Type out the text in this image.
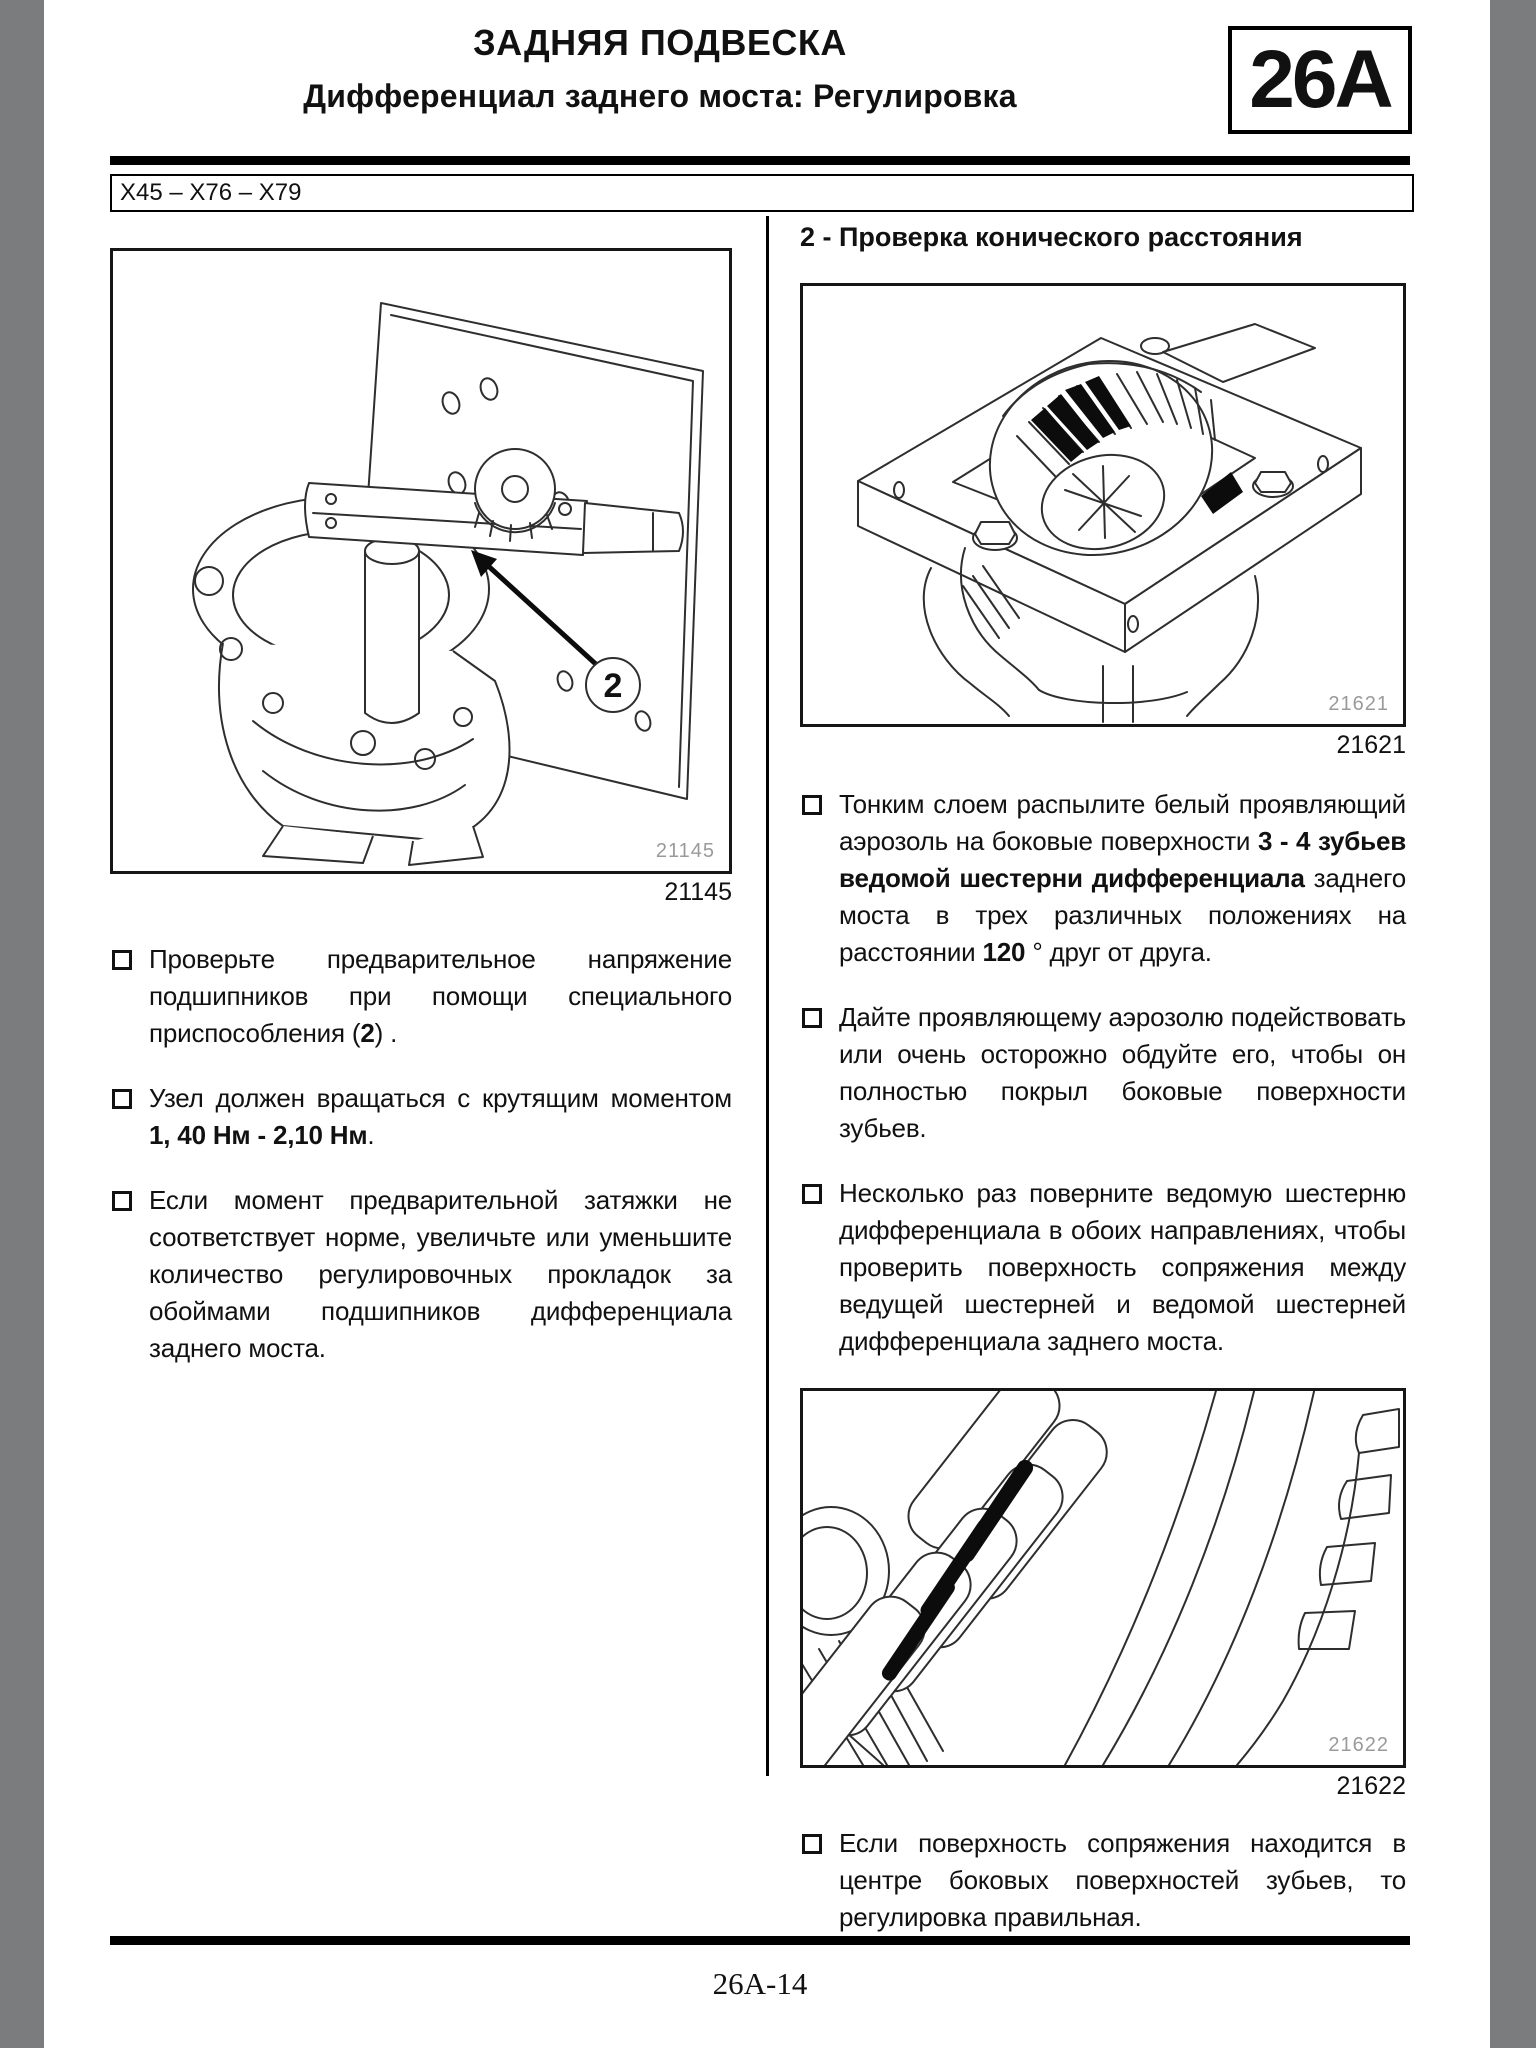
ЗАДНЯЯ ПОДВЕСКА
Дифференциал заднего моста: Регулировка	26A
X45 – X76 – X79
2
21145
21145

Проверьте предварительное напряжение подшипников при помощи специального приспособления (2) .

Узел должен вращаться с крутящим моментом 1, 40 Нм - 2,10 Нм.

Если момент предварительной затяжки не соответствует норме, увеличьте или уменьшите количество регулировочных прокладок за обоймами подшипников дифференциала заднего моста.

2 - Проверка конического расстояния
21621
21621

Тонким слоем распылите белый проявляющий аэрозоль на боковые поверхности 3 - 4 зубьев ведомой шестерни дифференциала заднего моста в трех различных положениях на расстоянии 120 ° друг от друга.

Дайте проявляющему аэрозолю подействовать или очень осторожно обдуйте его, чтобы он полностью покрыл боковые поверхности зубьев.

Несколько раз поверните ведомую шестерню дифференциала в обоих направлениях, чтобы проверить поверхность сопряжения между ведущей шестерней и ведомой шестерней дифференциала заднего моста.

21622
21622

Если поверхность сопряжения находится в центре боковых поверхностей зубьев, то регулировка правильная.

26A-14
